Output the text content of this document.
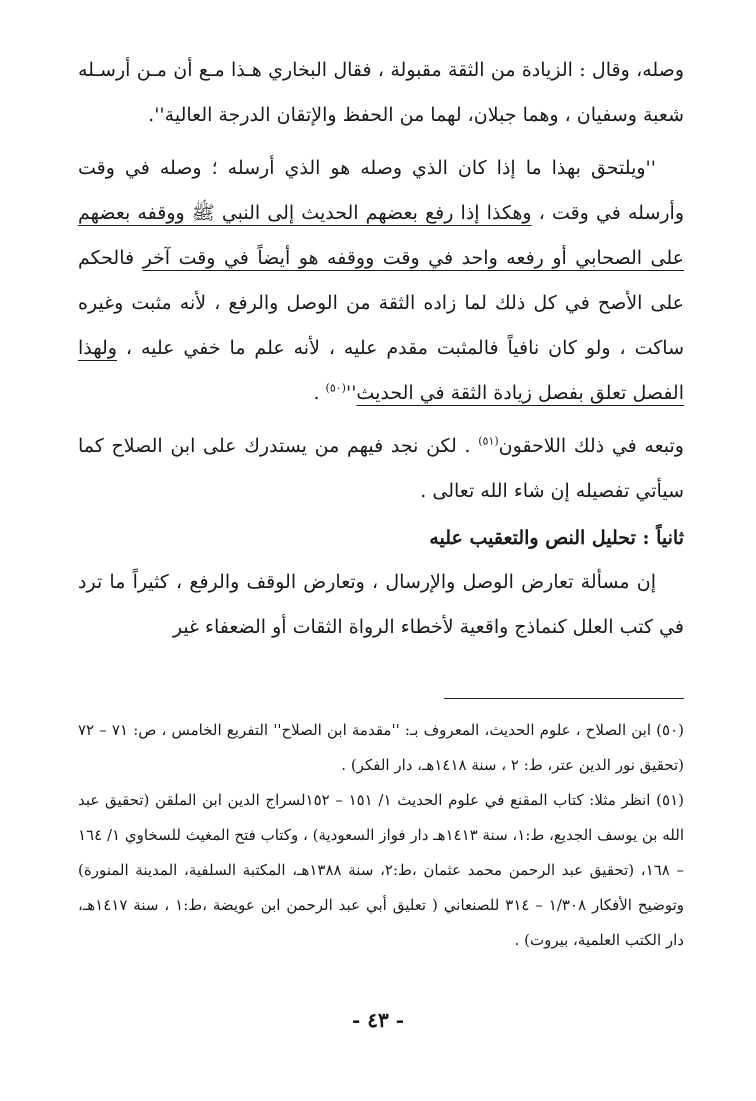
وصله، وقال : الزيادة من الثقة مقبولة ، فقال البخاري هـذا مـع أن مـن أرسـله شعبة وسفيان ، وهما جبلان، لهما من الحفظ والإتقان الدرجة العالية''.

''ويلتحق بهذا ما إذا كان الذي وصله هو الذي أرسله ؛ وصله في وقت وأرسله في وقت ، وهكذا إذا رفع بعضهم الحديث إلى النبي ﷺ ووقفه بعضهم على الصحابي أو رفعه واحد في وقت ووقفه هو أيضاً في وقت آخر فالحكم على الأصح في كل ذلك لما زاده الثقة من الوصل والرفع ، لأنه مثبت وغيره ساكت ، ولو كان نافياً فالمثبت مقدم عليه ، لأنه علم ما خفي عليه ، ولهذا الفصل تعلق بفصل زيادة الثقة في $الحديث''^{(٥٠)}$ .

وتبعه في ذلك اللاحقون$^{(٥١)}$ . لكن نجد فيهم من يستدرك على ابن الصلاح كما سيأتي تفصيله إن شاء الله تعالى .

ثانياً : تحليل النص والتعقيب عليه

إن مسألة تعارض الوصل والإرسال ، وتعارض الوقف والرفع ، كثيراً ما ترد في كتب العلل كنماذج واقعية لأخطاء الرواة الثقات أو الضعفاء غير

(٥٠) ابن الصلاح ، علوم الحديث، المعروف بـ: ''مقدمة ابن الصلاح'' التفريع الخامس ، ص: ٧١ – ٧٢ (تحقيق نور الدين عتر، ط: ٢ ، سنة ١٤١٨هـ، دار الفكر) .

(٥١) انظر مثلا: كتاب المقنع في علوم الحديث ١/ ١٥١ – ١٥٢لسراج الدين ابن الملقن (تحقيق عبد الله بن يوسف الجديع، ط:١، سنة ١٤١٣هـ دار فواز السعودية) ، وكتاب فتح المغيث للسخاوي ١/ ١٦٤ – ١٦٨، (تحقيق عبد الرحمن محمد عثمان ،ط:٢، سنة ١٣٨٨هـ، المكتبة السلفية، المدينة المنورة) وتوضيح الأفكار ١/٣٠٨ – ٣١٤ للصنعاني ( تعليق أبي عبد الرحمن ابن عويضة ،ط:١ ، سنة ١٤١٧هـ، دار الكتب العلمية، بيروت) .

- ٤٣ -
